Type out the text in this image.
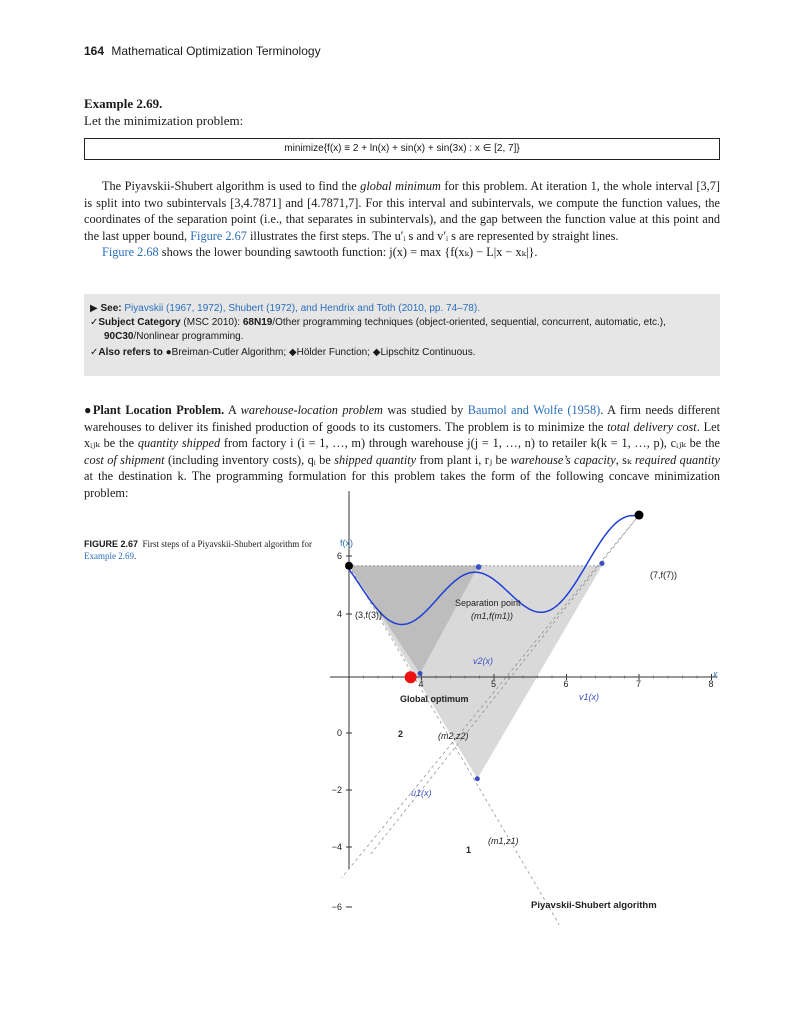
164 Mathematical Optimization Terminology
Example 2.69.
Let the minimization problem:
minimize{f(x) ≡ 2 + ln(x) + sin(x) + sin(3x) : x ∈ [2, 7]}

The Piyavskii-Shubert algorithm is used to find the global minimum for this problem. At iteration 1, the whole interval [3,7] is split into two subintervals [3,4.7871] and [4.7871,7]. For this interval and subintervals, we compute the function values, the coordinates of the separation point (i.e., that separates in subintervals), and the gap between the function value at this point and the last upper bound, Figure 2.67 illustrates the first steps. The u′ᵢ s and v′ᵢ s are represented by straight lines.

Figure 2.68 shows the lower bounding sawtooth function: j(x) = max {f(xₖ) − L|x − xₖ|}.

▶ See: Piyavskii (1967, 1972), Shubert (1972), and Hendrix and Toth (2010, pp. 74–78).
✓Subject Category (MSC 2010): 68N19/Other programming techniques (object-oriented, sequential, concurrent, automatic, etc.),
90C30/Nonlinear programming.
✓Also refers to ●Breiman-Cutler Algorithm; ◆Hölder Function; ◆Lipschitz Continuous.

●Plant Location Problem. A warehouse-location problem was studied by Baumol and Wolfe (1958). A firm needs different warehouses to deliver its finished production of goods to its customers. The problem is to minimize the total delivery cost. Let xᵢⱼₖ be the quantity shipped from factory i (i = 1, …, m) through warehouse j(j = 1, …, n) to retailer k(k = 1, …, p), cᵢⱼₖ be the cost of shipment (including inventory costs), qᵢ be shipped quantity from plant i, rⱼ be warehouse’s capacity, sₖ required quantity at the destination k. The programming formulation for this problem takes the form of the following concave minimization problem:

FIGURE 2.67 First steps of a Piyavskii-Shubert algorithm for Example 2.69.
4	5	6	7	8
6
4
0
−2
−4
−6
f(x)
x
(3,f(3))
(7,f(7))
2
1
Separation point
(m1,f(m1))
v2(x)
v1(x)
u1(x)
(m2,z2)
(m1,z1)
Global optimum
Piyavskii-Shubert algorithm
